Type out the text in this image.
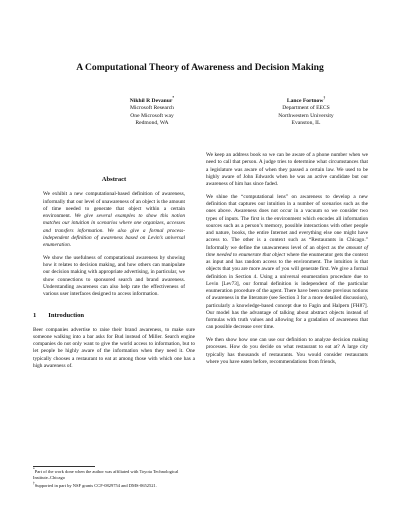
A Computational Theory of Awareness and Decision Making
Nikhil R Devanur*
Microsoft Research
One Microsoft way
Redmond, WA
Lance Fortnow†
Department of EECS
Northwestern University
Evanston, IL
Abstract

We exhibit a new computational-based definition of awareness, informally that our level of unawareness of an object is the amount of time needed to generate that object within a certain environment. We give several examples to show this notion matches our intuition in scenarios where one organizes, accesses and transfers information. We also give a formal process-independent definition of awareness based on Levin’s universal enumeration.

We show the usefulness of computational awareness by showing how it relates to decision making, and how others can manipulate our decision making with appropriate advertising, in particular, we show connections to sponsored search and brand awareness. Understanding awareness can also help rate the effectiveness of various user interfaces designed to access information.

1 Introduction

Beer companies advertise to raise their brand awareness, to make sure someone walking into a bar asks for Bud instead of Miller. Search engine companies do not only want to give the world access to information, but to let people be highly aware of the information when they need it. One typically chooses a restaurant to eat at among those with which one has a high awareness of.

*Part of the work done when the author was affiliated with Toyota Technological Institute–Chicago
†Supported in part by NSF grants CCF-0829754 and DMS-0652521.

We keep an address book so we can be aware of a phone number when we need to call that person. A judge tries to determine what circumstances that a legislature was aware of when they passed a certain law. We used to be highly aware of John Edwards when he was an active candidate but our awareness of him has since faded.

We shine the “computational lens” on awareness to develop a new definition that captures our intuition in a number of scenarios such as the ones above. Awareness does not occur in a vacuum so we consider two types of inputs. The first is the environment which encodes all information sources such as a person’s memory, possible interactions with other people and nature, books, the entire Internet and everything else one might have access to. The other is a context such as “Restaurants in Chicago.” Informally we define the unawareness level of an object as the amount of time needed to enumerate that object where the enumerator gets the context as input and has random access to the environment. The intuition is that objects that you are more aware of you will generate first. We give a formal definition in Section 4. Using a universal enumeration procedure due to Levin [Lev73], our formal definition is independent of the particular enumeration procedure of the agent. There have been some previous notions of awareness in the literature (see Section 3 for a more detailed discussion), particularly a knowledge-based concept due to Fagin and Halpern [FH87]. Our model has the advantage of talking about abstract objects instead of formulas with truth values and allowing for a gradation of awareness that can possible decrease over time.

We then show how one can use our definition to analyze decision making processes. How do you decide on what restaurant to eat at? A large city typically has thousands of restaurants. You would consider restaurants where you have eaten before, recommendations from friends,
